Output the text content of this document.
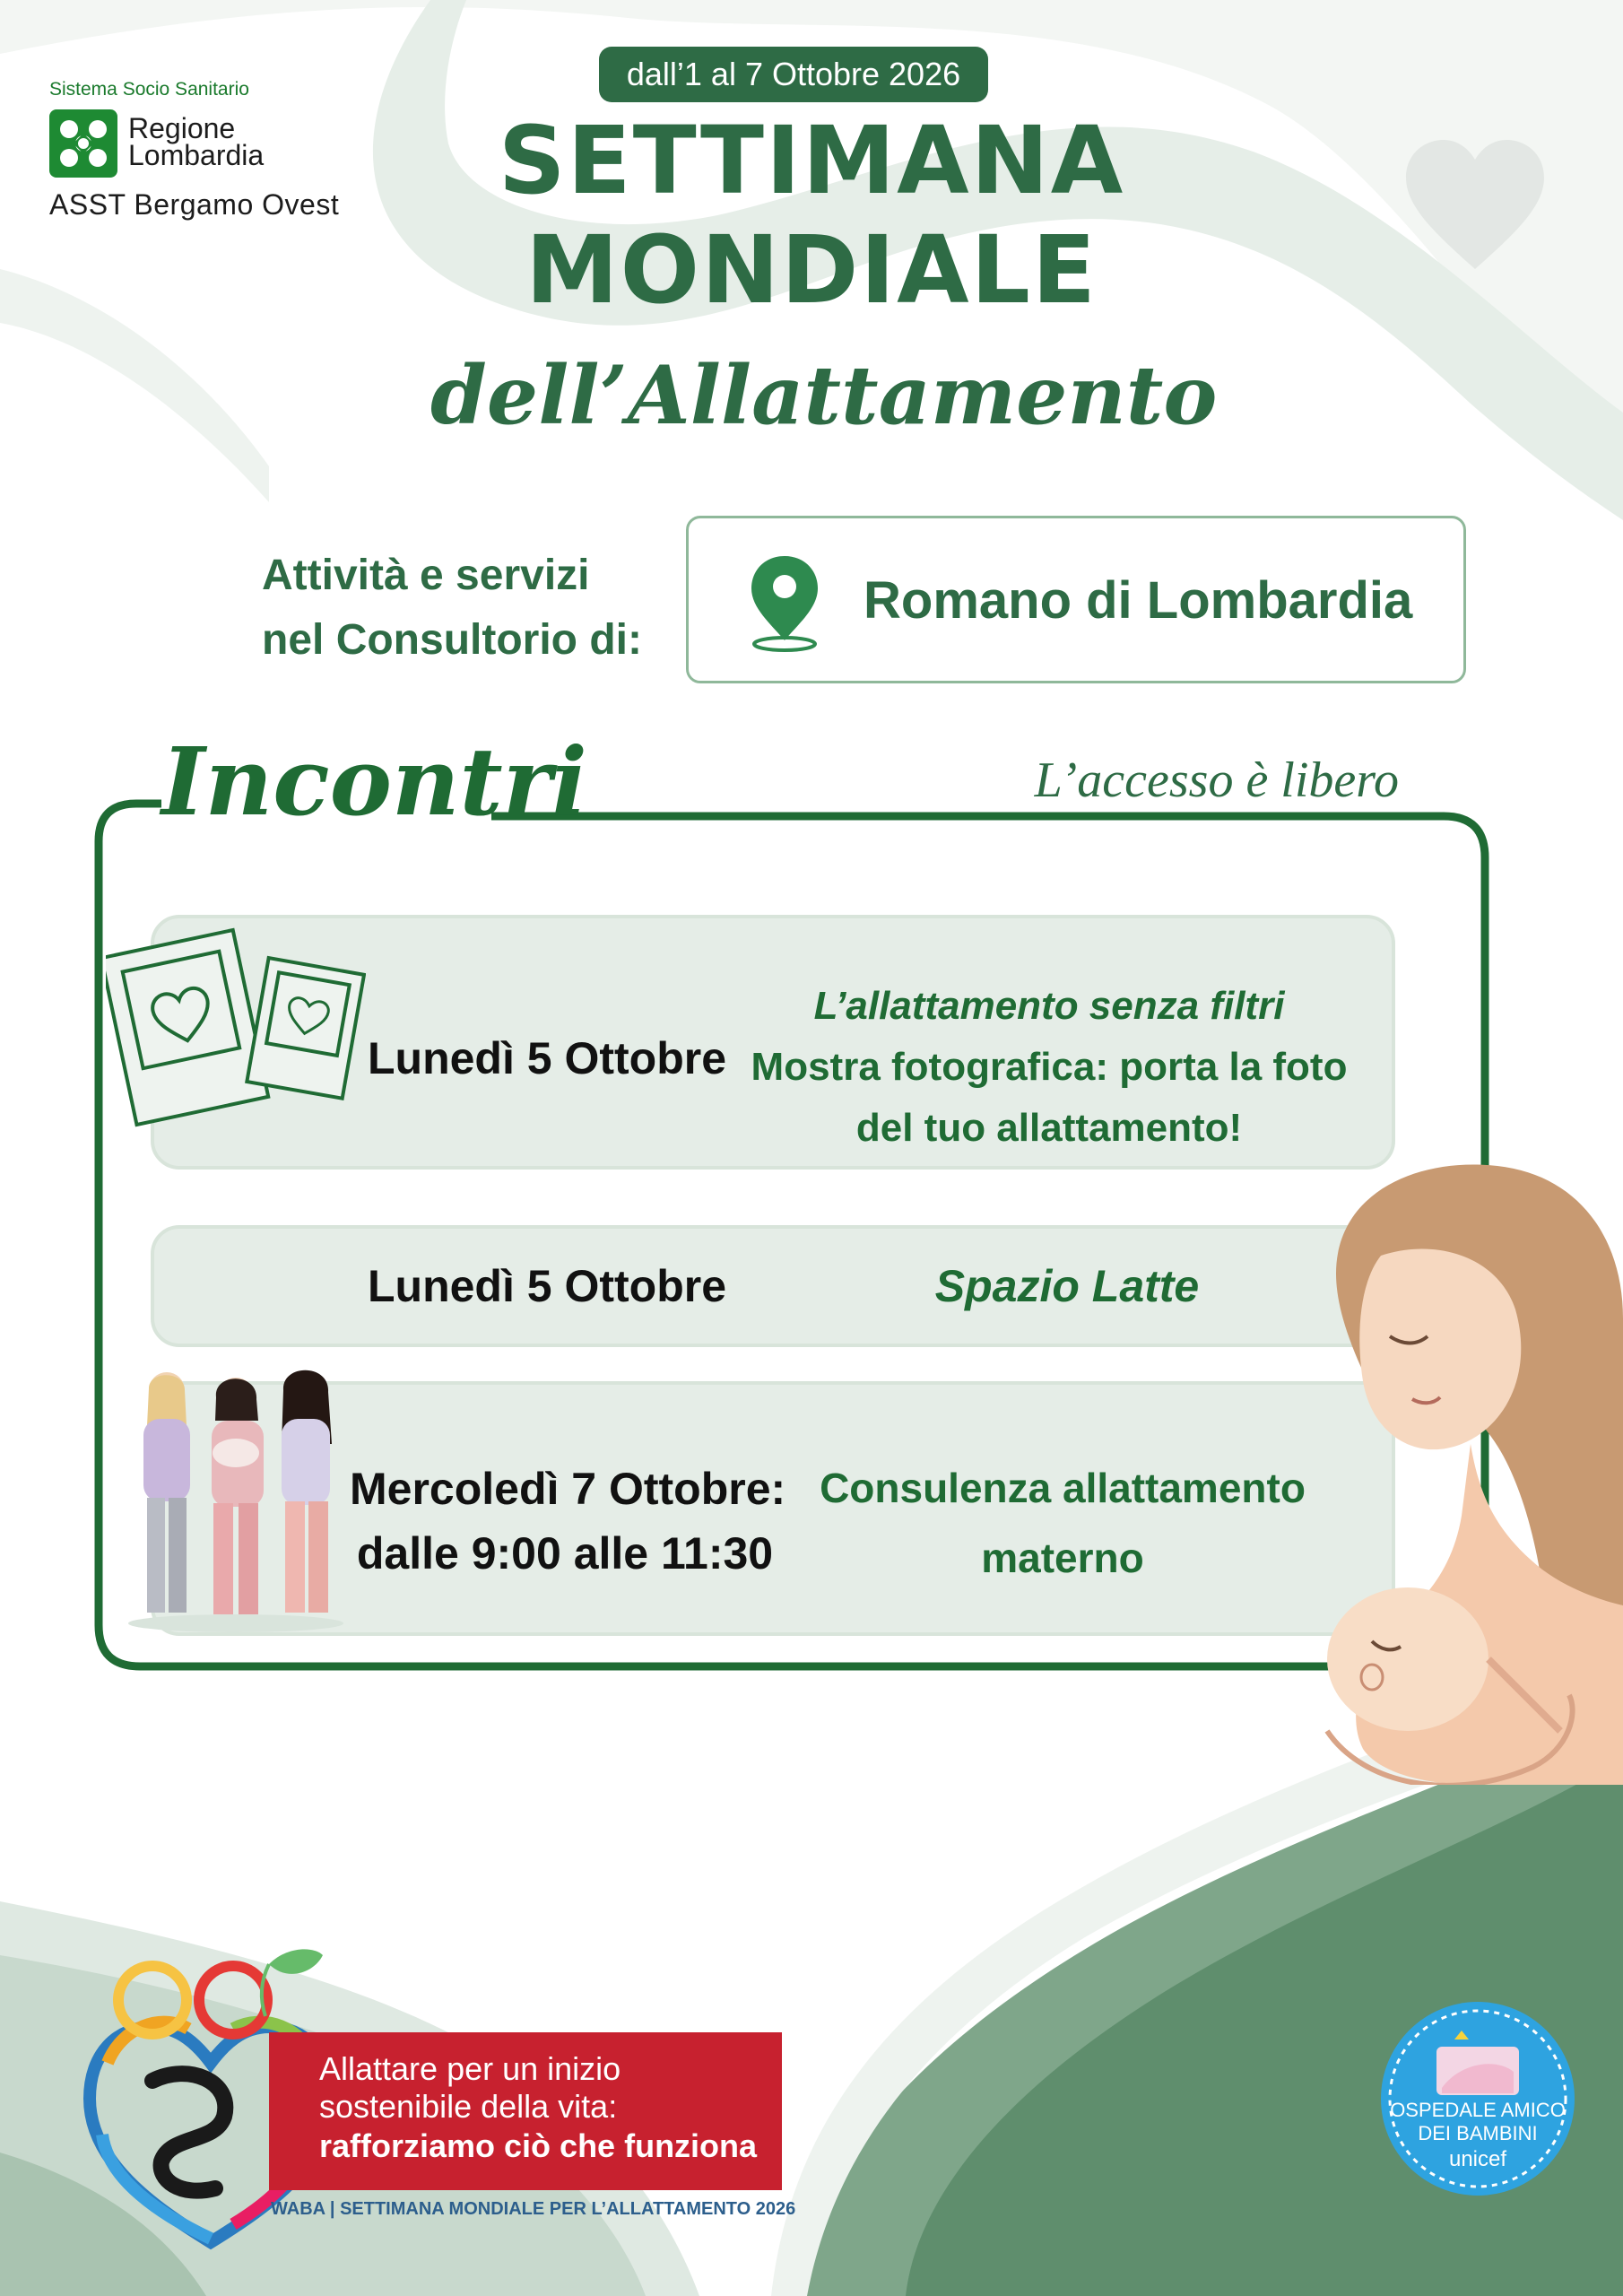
Sistema Socio Sanitario
Regione
Lombardia
ASST Bergamo Ovest
dall’1 al 7 Ottobre 2026
SETTIMANA
MONDIALE
dell’Allattamento
Attività e servizi
nel Consultorio di:
Romano di Lombardia
Incontri	L’accesso è libero
Lunedì 5 Ottobre
L’allattamento senza filtri
Mostra fotografica: porta la foto
del tuo allattamento!
Lunedì 5 Ottobre	Spazio Latte
Mercoledì 7 Ottobre:
dalle 9:00 alle 11:30
Consulenza allattamento
materno
Allattare per un inizio
sostenibile della vita:
rafforziamo ciò che funziona
WABA | SETTIMANA MONDIALE PER L’ALLATTAMENTO 2026
OSPEDALE AMICO
DEI BAMBINI
unicef
